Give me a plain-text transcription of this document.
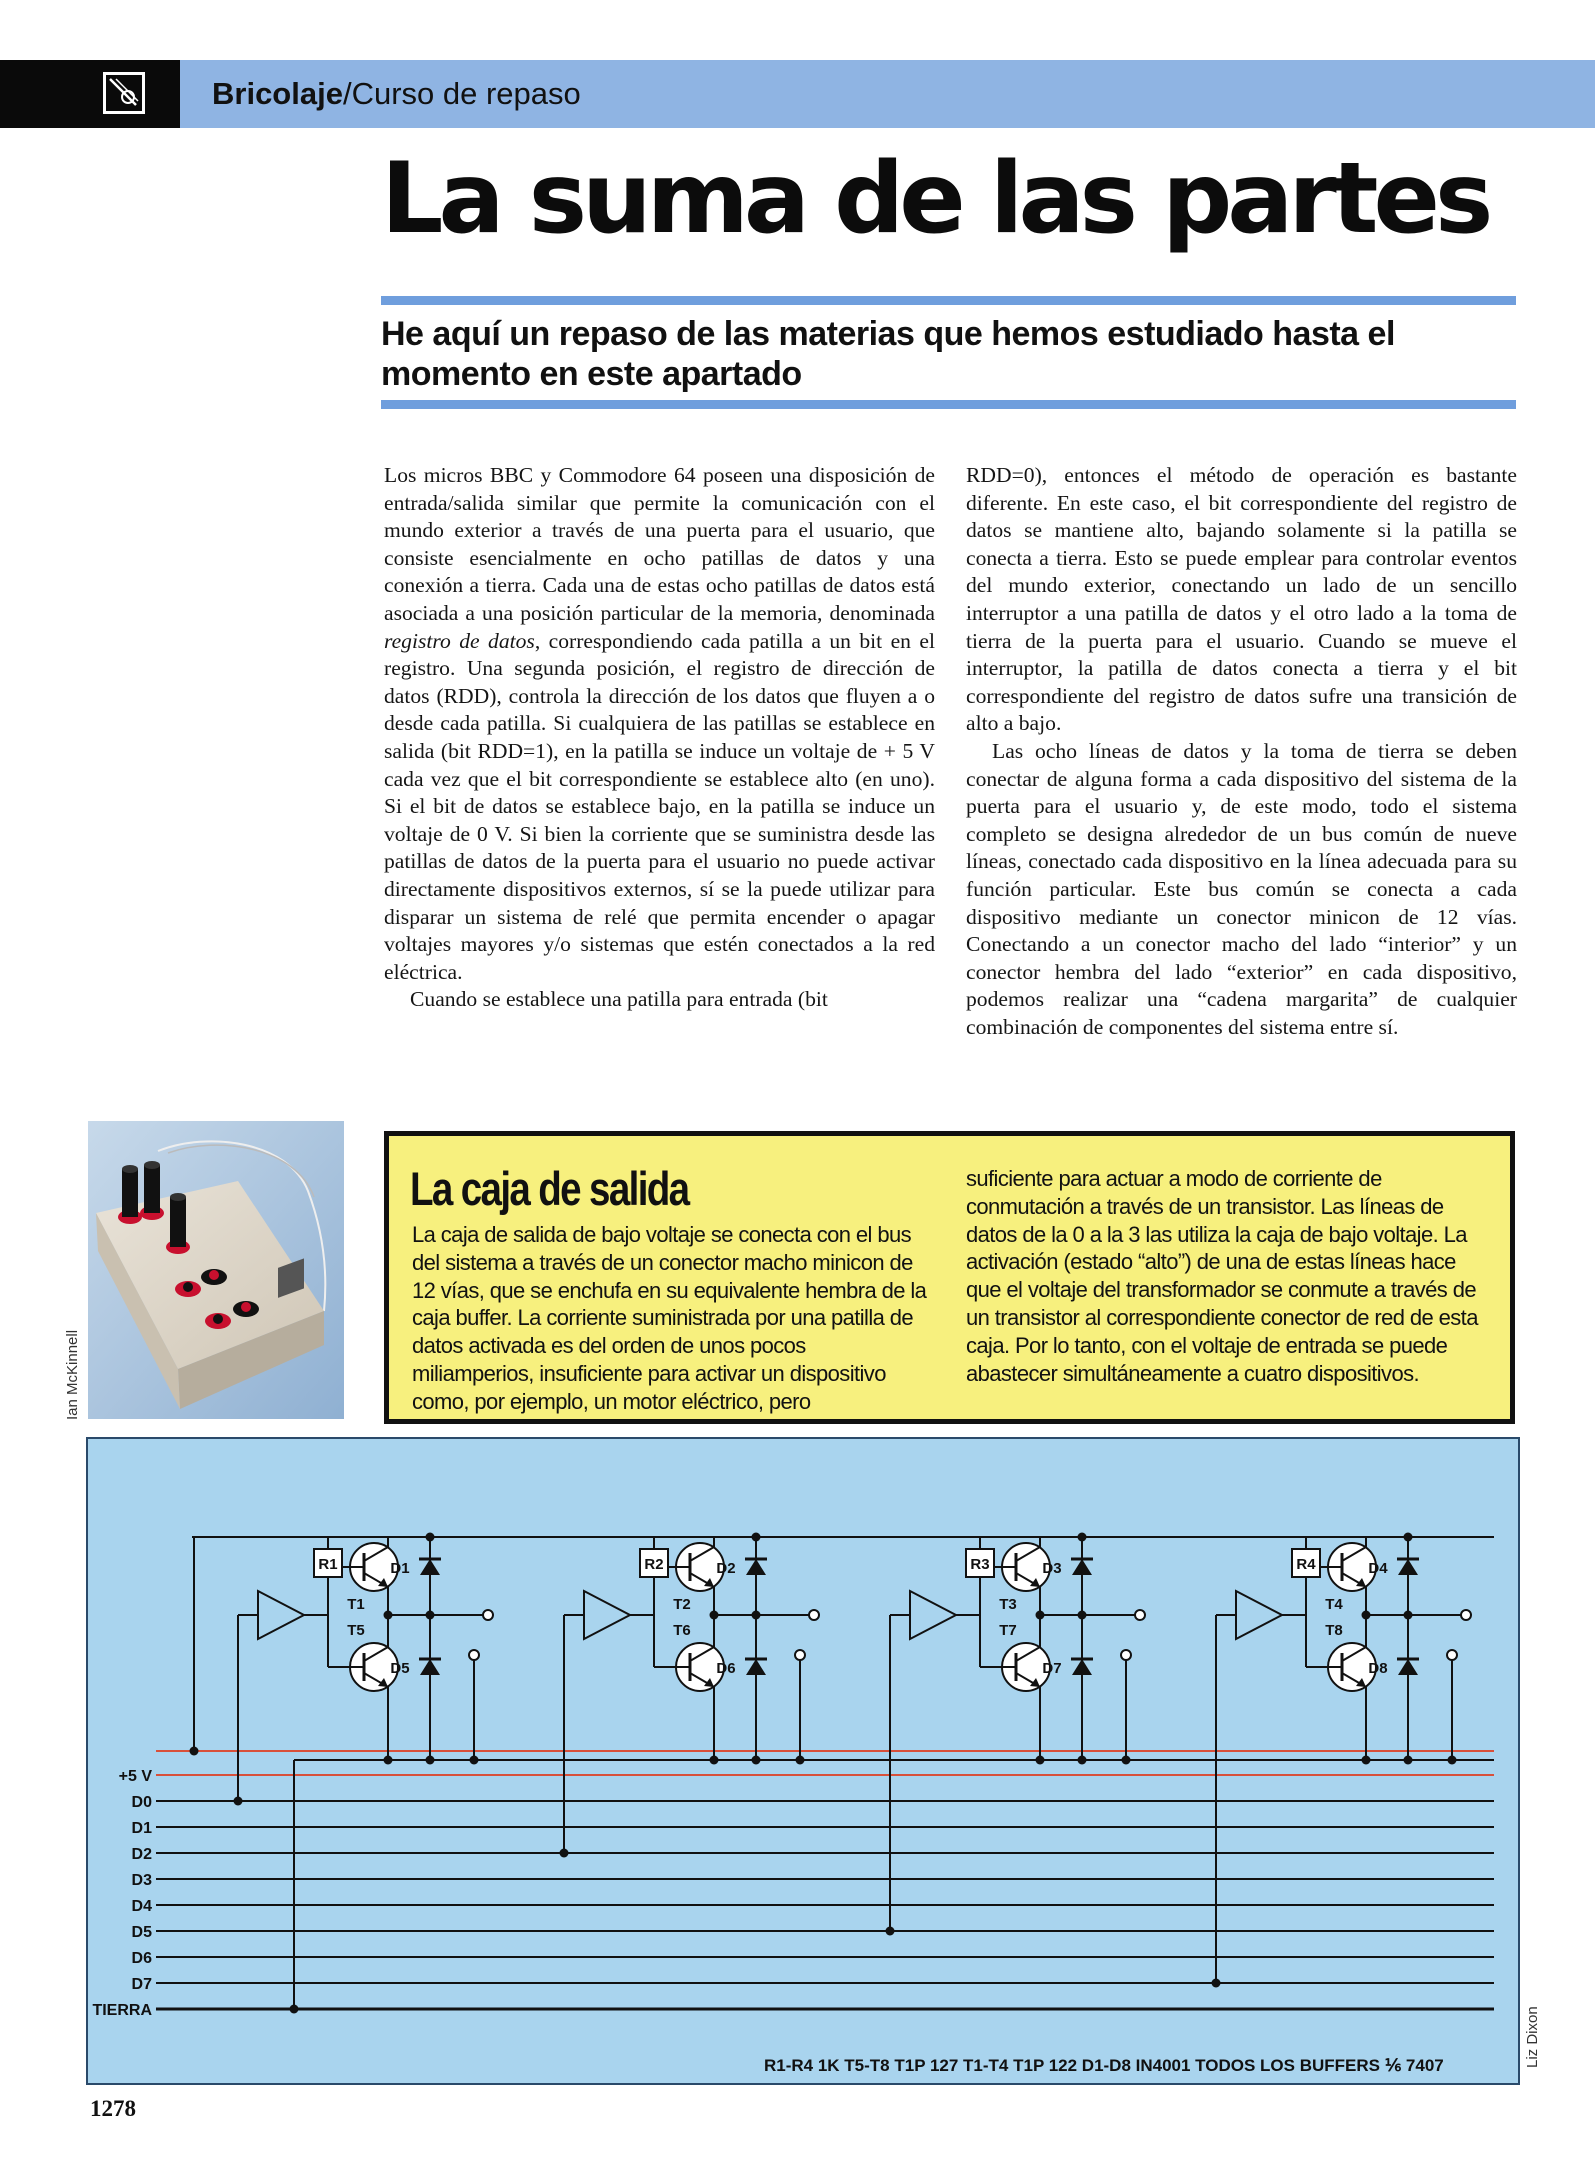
Bricolaje/Curso de repaso
La suma de las partes
He aquí un repaso de las materias que hemos estudiado hasta el momento en este apartado

Los micros BBC y Commodore 64 poseen una disposición de entrada/salida similar que permite la comunicación con el mundo exterior a través de una puerta para el usuario, que consiste esencialmente en ocho patillas de datos y una conexión a tierra. Cada una de estas ocho patillas de datos está asociada a una posición particular de la memoria, denominada registro de datos, correspondiendo cada patilla a un bit en el registro. Una segunda posición, el registro de dirección de datos (RDD), controla la dirección de los datos que fluyen a o desde cada patilla. Si cualquiera de las patillas se establece en salida (bit RDD=1), en la patilla se induce un voltaje de + 5 V cada vez que el bit correspondiente se establece alto (en uno). Si el bit de datos se establece bajo, en la patilla se induce un voltaje de 0 V. Si bien la corriente que se suministra desde las patillas de datos de la puerta para el usuario no puede activar directamente dispositivos externos, sí se la puede utilizar para disparar un sistema de relé que permita encender o apagar voltajes mayores y/o sistemas que estén conectados a la red eléctrica.

Cuando se establece una patilla para entrada (bit

RDD=0), entonces el método de operación es bastante diferente. En este caso, el bit correspondiente del registro de datos se mantiene alto, bajando solamente si la patilla se conecta a tierra. Esto se puede emplear para controlar eventos del mundo exterior, conectando un lado de un sencillo interruptor a una patilla de datos y el otro lado a la toma de tierra de la puerta para el usuario. Cuando se mueve el interruptor, la patilla de datos conecta a tierra y el bit correspondiente del registro de datos sufre una transición de alto a bajo.

Las ocho líneas de datos y la toma de tierra se deben conectar de alguna forma a cada dispositivo del sistema de la puerta para el usuario y, de este modo, todo el sistema completo se designa alrededor de un bus común de nueve líneas, conectado cada dispositivo en la línea adecuada para su función particular. Este bus común se conecta a cada dispositivo mediante un conector minicon de 12 vías. Conectando a un conector macho del lado “interior” y un conector hembra del lado “exterior” en cada dispositivo, podemos realizar una “cadena margarita” de cualquier combinación de componentes del sistema entre sí.

Ian McKinnell
La caja de salida
La caja de salida de bajo voltaje se conecta con el bus del sistema a través de un conector macho minicon de 12 vías, que se enchufa en su equivalente hembra de la caja buffer. La corriente suministrada por una patilla de datos activada es del orden de unos pocos miliamperios, insuficiente para activar un dispositivo como, por ejemplo, un motor eléctrico, pero
suficiente para actuar a modo de corriente de conmutación a través de un transistor. Las líneas de datos de la 0 a la 3 las utiliza la caja de bajo voltaje. La activación (estado “alto”) de una de estas líneas hace que el voltaje del transformador se conmute a través de un transistor al correspondiente conector de red de esta caja. Por lo tanto, con el voltaje de entrada se puede abastecer simultáneamente a cuatro dispositivos.
+5 V
D0
D1
D2
D3
D4
D5
D6
D7
TIERRA
R1
T1
T5
D1
D5
R2
T2
T6
D2
D6
R3
T3
T7
D3
D7
R4
T4
T8
D4
D8
R1-R4 1K T5-T8 T1P 127 T1-T4 T1P 122 D1-D8 IN4001 TODOS LOS BUFFERS ⅙ 7407	Liz Dixon
1278
